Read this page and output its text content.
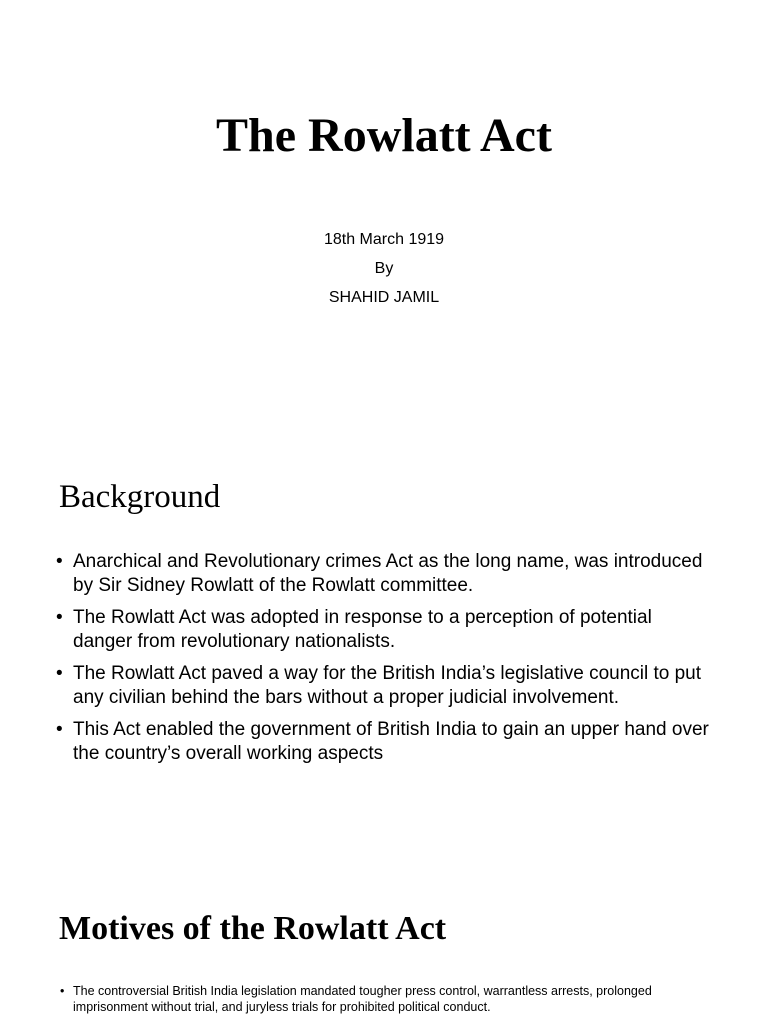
The Rowlatt Act
18th March 1919
By
SHAHID JAMIL
Background
• Anarchical and Revolutionary crimes Act as the long name, was introduced by Sir Sidney Rowlatt of the Rowlatt committee.
• The Rowlatt Act was adopted in response to a perception of potential danger from revolutionary nationalists.
• The Rowlatt Act paved a way for the British India’s legislative council to put any civilian behind the bars without a proper judicial involvement.
• This Act enabled the government of British India to gain an upper hand over the country’s overall working aspects
Motives of the Rowlatt Act
• The controversial British India legislation mandated tougher press control, warrantless arrests, prolonged imprisonment without trial, and juryless trials for prohibited political conduct.
